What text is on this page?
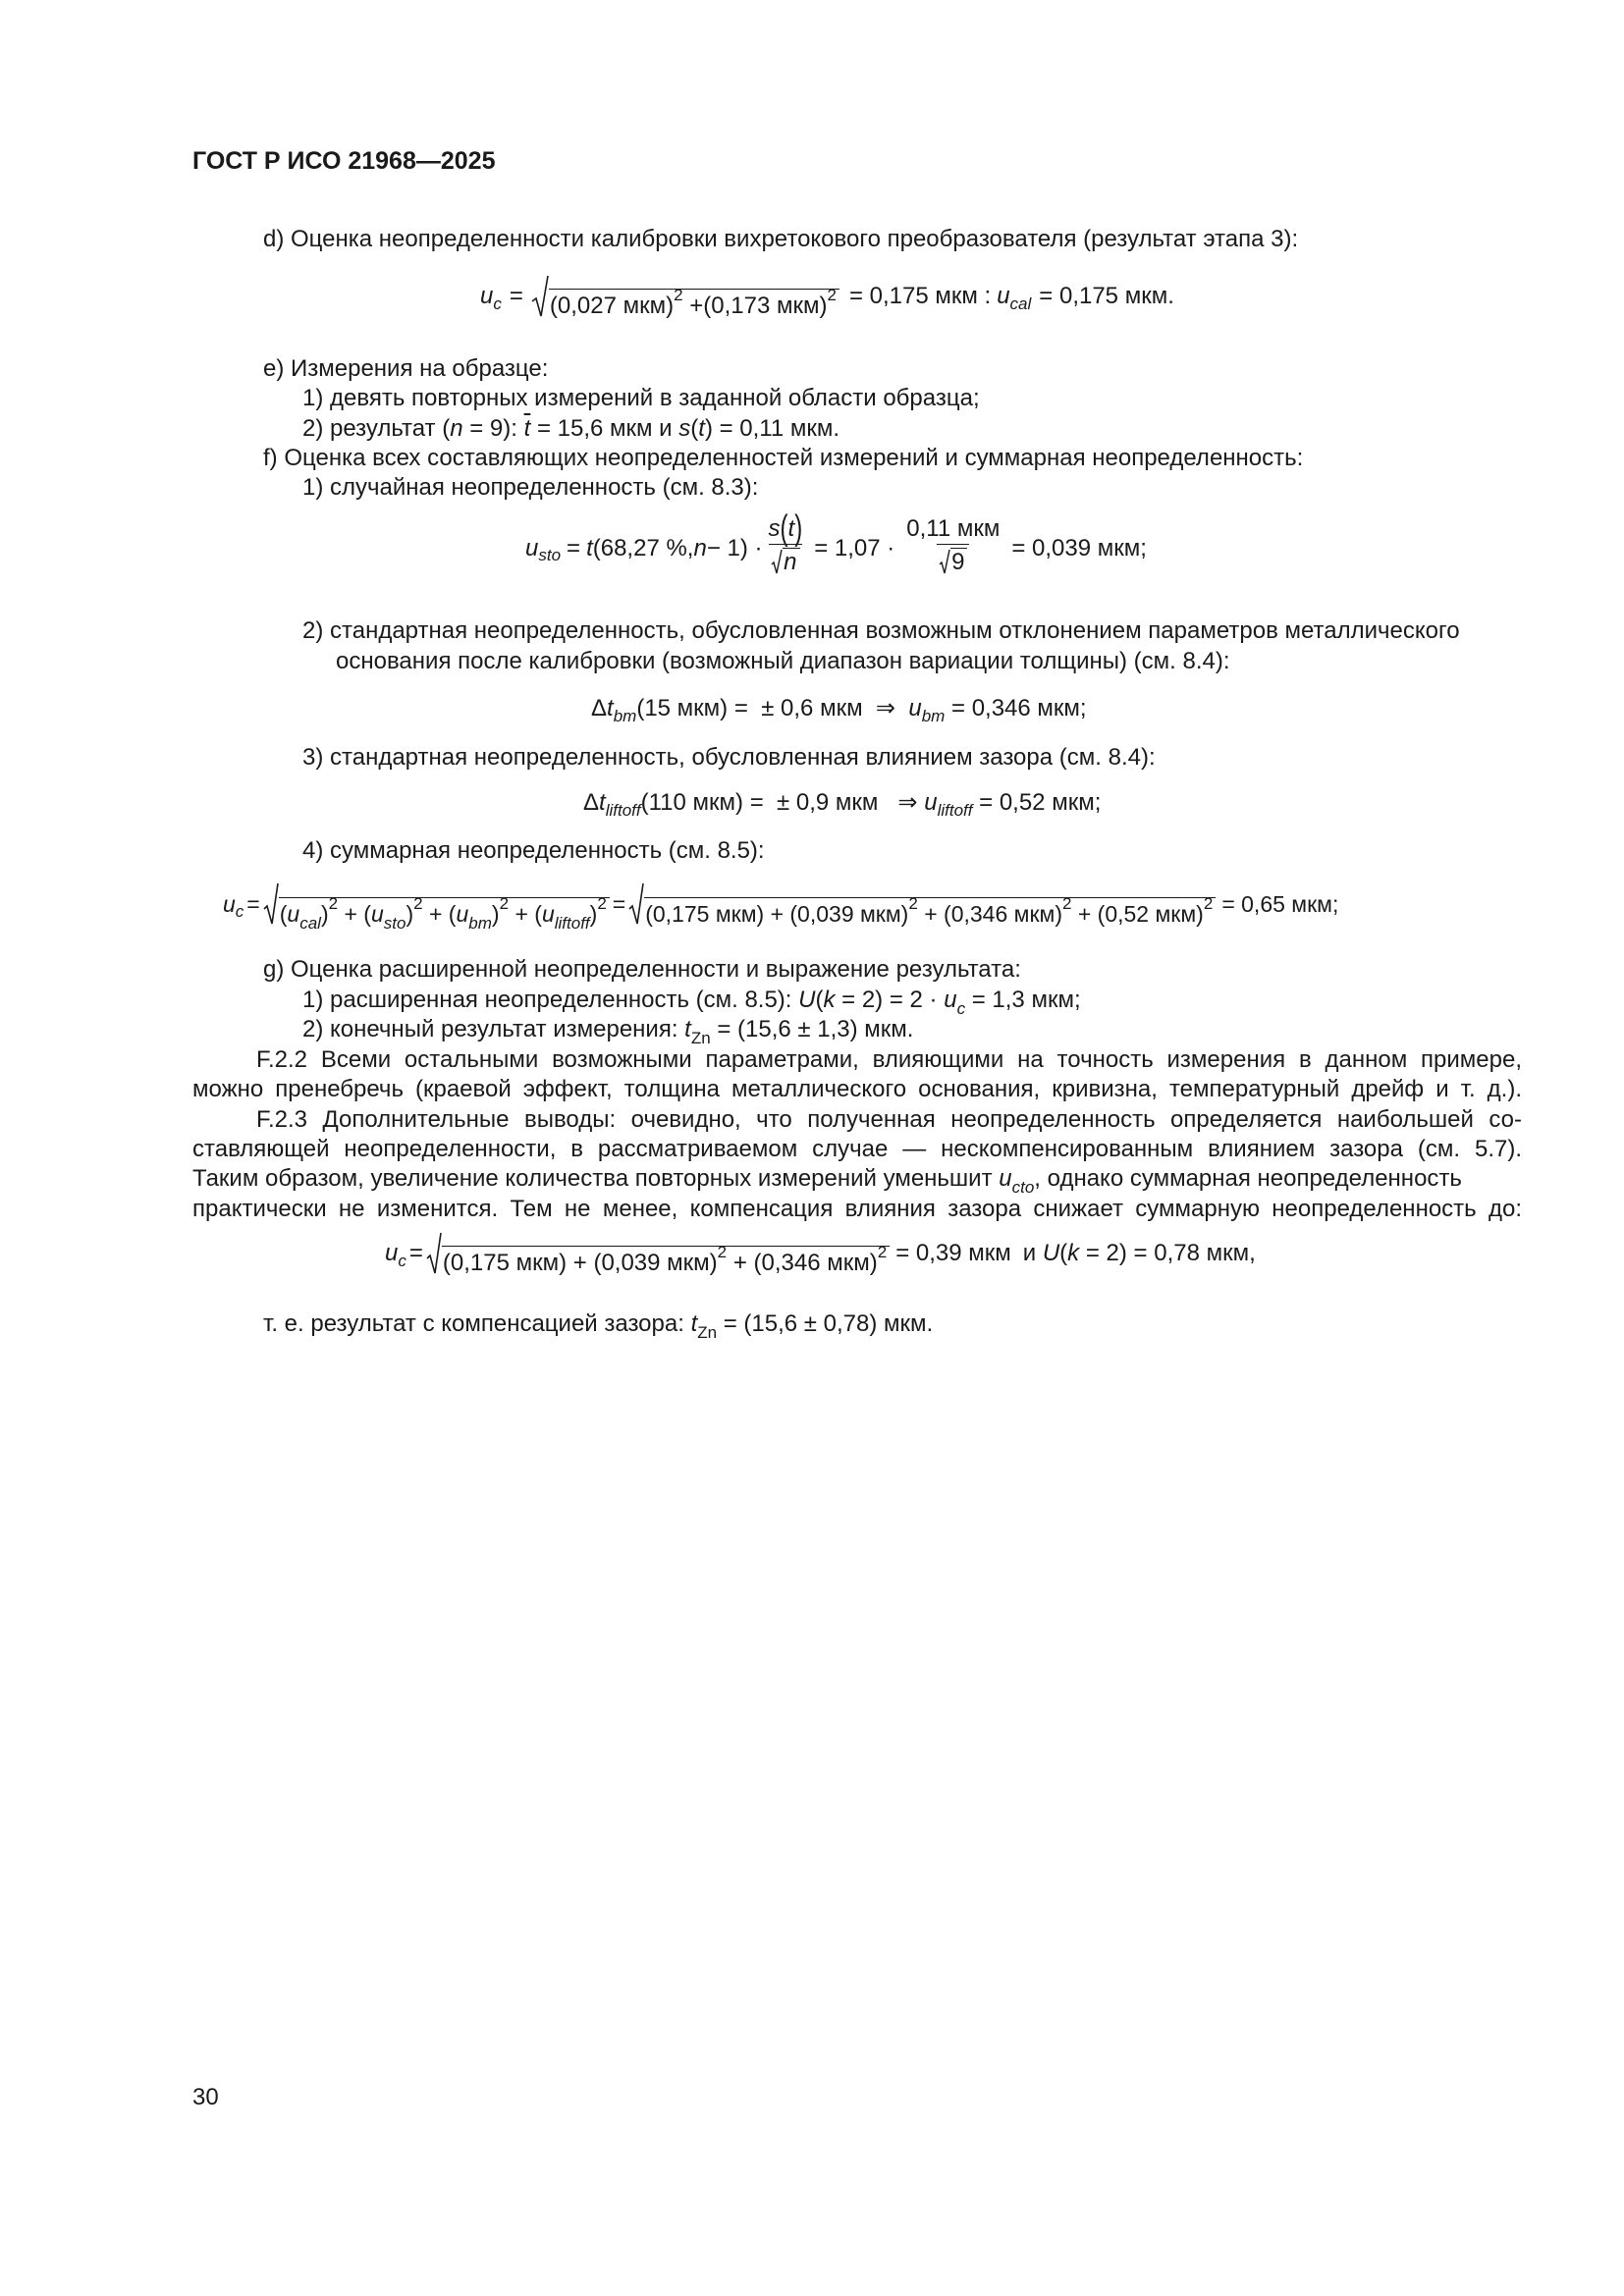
ГОСТ Р ИСО 21968—2025
d) Оценка неопределенности калибровки вихретокового преобразователя (результат этапа 3):
u c = (0,027 мкм)$^2$ +(0,173 мкм)$^2$ = 0,175 мкм : u cal = 0,175 мкм.
e) Измерения на образце:
1) девять повторных измерений в заданной области образца;
2) результат (n = 9): $\overline{t} = 15,6$ мкм и s(t) = 0,11 мкм.
f) Оценка всех составляющих неопределенностей измерений и суммарная неопределенность:
1) случайная неопределенность (см. 8.3):
u sto = t (68,27 %, $n - 1) \cdot \frac{s(t)}{n} = 1,07 \cdot \frac{\text{0,11 мкм}}{9} = 0,039$ мкм;
2) стандартная неопределенность, обусловленная возможным отклонением параметров металлического
основания после калибровки (возможный диапазон вариации толщины) (см. 8.4):
Δ t bm (15 мкм) =  ± 0,6 мкм  ⇒ u bm = 0,346 мкм;
3) стандартная неопределенность, обусловленная влиянием зазора (см. 8.4):
Δ t liftoff (110 мкм) =  ± 0,9 мкм   ⇒ u liftoff = 0,52 мкм;
4) суммарная неопределенность (см. 8.5):
u $c = (u_{cal})^2 + (u_{sto})^2 + (u_{bm})^2 + (u_{liftoff})^2 = (0,175$ мкм) + (0,039 мкм)$^2$ + (0,346 мкм)$^2$ + (0,52 мкм)$^2$ = 0,65 мкм;
g) Оценка расширенной неопределенности и выражение результата:
1) расширенная неопределенность (см. 8.5): $U(k = 2) = 2 \cdot u_c = 1,3$ мкм;
2) конечный результат измерения: $t_{Zn} = (15,6 \pm 1,3)$ мкм.
F.2.2 Всеми остальными возможными параметрами, влияющими на точность измерения в данном примере,
можно пренебречь (краевой эффект, толщина металлического основания, кривизна, температурный дрейф и т. д.).
F.2.3 Дополнительные выводы: очевидно, что полученная неопределенность определяется наибольшей со-
ставляющей неопределенности, в рассматриваемом случае — нескомпенсированным влиянием зазора (см. 5.7).
Таким образом, увеличение количества повторных измерений уменьшит $u_{cto}$, однако суммарная неопределенность
практически не изменится. Тем не менее, компенсация влияния зазора снижает суммарную неопределенность до:
u c = (0,175 мкм) + (0,039 мкм)$^2$ + (0,346 мкм)$^2$ = 0,39 мкм и U ( k = 2) = 0,78 мкм,
т. е. результат с компенсацией зазора: $t_{Zn} = (15,6 \pm 0,78)$ мкм.
30
